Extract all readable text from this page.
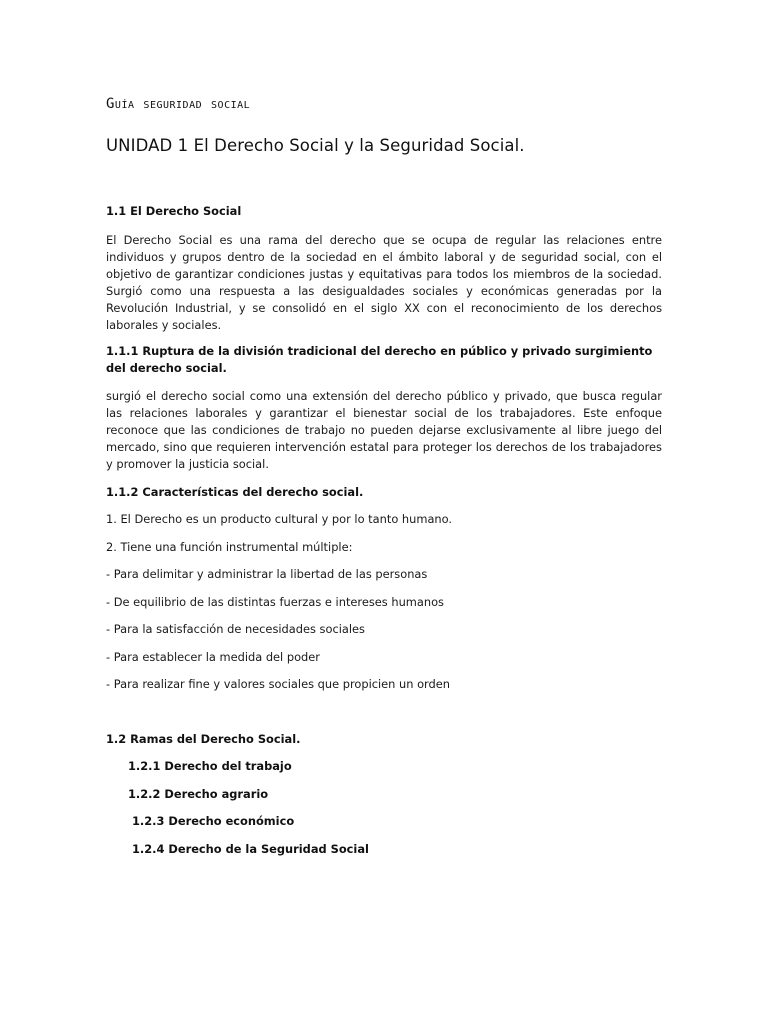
Guía seguridad social
UNIDAD 1 El Derecho Social y la Seguridad Social.
1.1 El Derecho Social
El Derecho Social es una rama del derecho que se ocupa de regular las relaciones entre individuos y grupos dentro de la sociedad en el ámbito laboral y de seguridad social, con el objetivo de garantizar condiciones justas y equitativas para todos los miembros de la sociedad. Surgió como una respuesta a las desigualdades sociales y económicas generadas por la Revolución Industrial, y se consolidó en el siglo XX con el reconocimiento de los derechos laborales y sociales.
1.1.1 Ruptura de la división tradicional del derecho en público y privado surgimiento del derecho social.
surgió el derecho social como una extensión del derecho público y privado, que busca regular las relaciones laborales y garantizar el bienestar social de los trabajadores. Este enfoque reconoce que las condiciones de trabajo no pueden dejarse exclusivamente al libre juego del mercado, sino que requieren intervención estatal para proteger los derechos de los trabajadores y promover la justicia social.
1.1.2 Características del derecho social.
1. El Derecho es un producto cultural y por lo tanto humano.
2. Tiene una función instrumental múltiple:
- Para delimitar y administrar la libertad de las personas
- De equilibrio de las distintas fuerzas e intereses humanos
- Para la satisfacción de necesidades sociales
- Para establecer la medida del poder
- Para realizar fine y valores sociales que propicien un orden
1.2 Ramas del Derecho Social.
1.2.1 Derecho del trabajo
1.2.2 Derecho agrario
1.2.3 Derecho económico
1.2.4 Derecho de la Seguridad Social
